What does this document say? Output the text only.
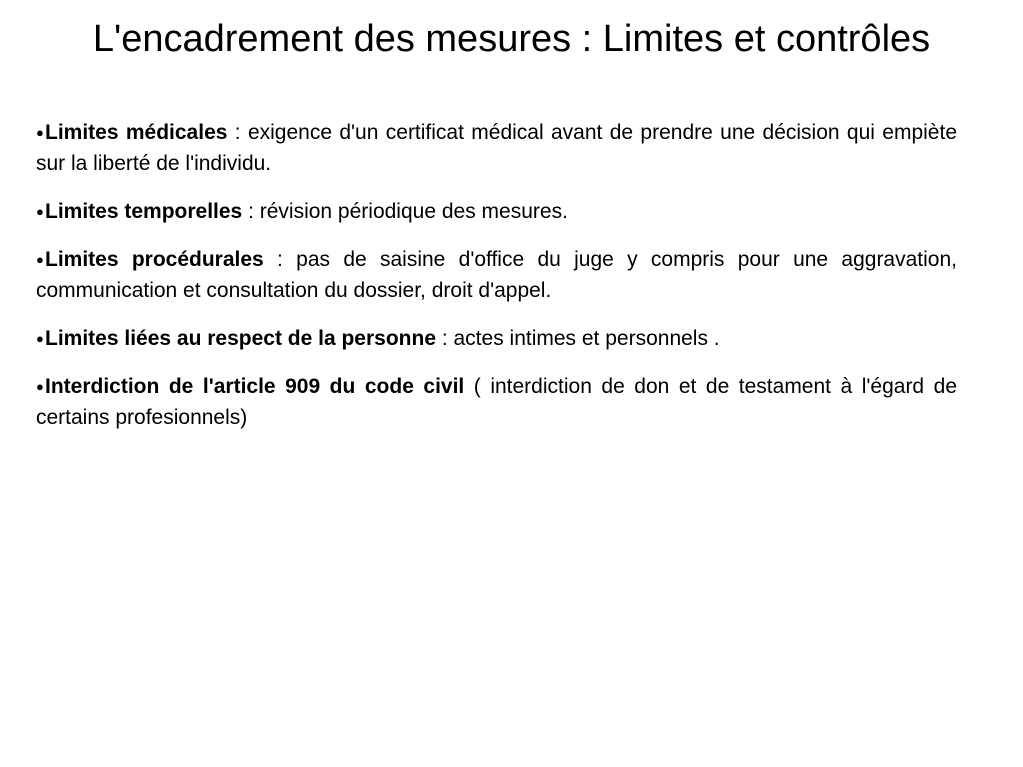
L'encadrement des mesures : Limites et contrôles
●Limites médicales : exigence d'un certificat médical avant de prendre une décision qui empiète sur la liberté de l'individu.
●Limites temporelles : révision périodique des mesures.
●Limites procédurales : pas de saisine d'office du juge y compris pour une aggravation, communication et consultation du dossier, droit d'appel.
●Limites liées au respect de la personne : actes intimes et personnels .
●Interdiction de l'article 909 du code civil ( interdiction de don et de testament à l'égard de certains profesionnels)
